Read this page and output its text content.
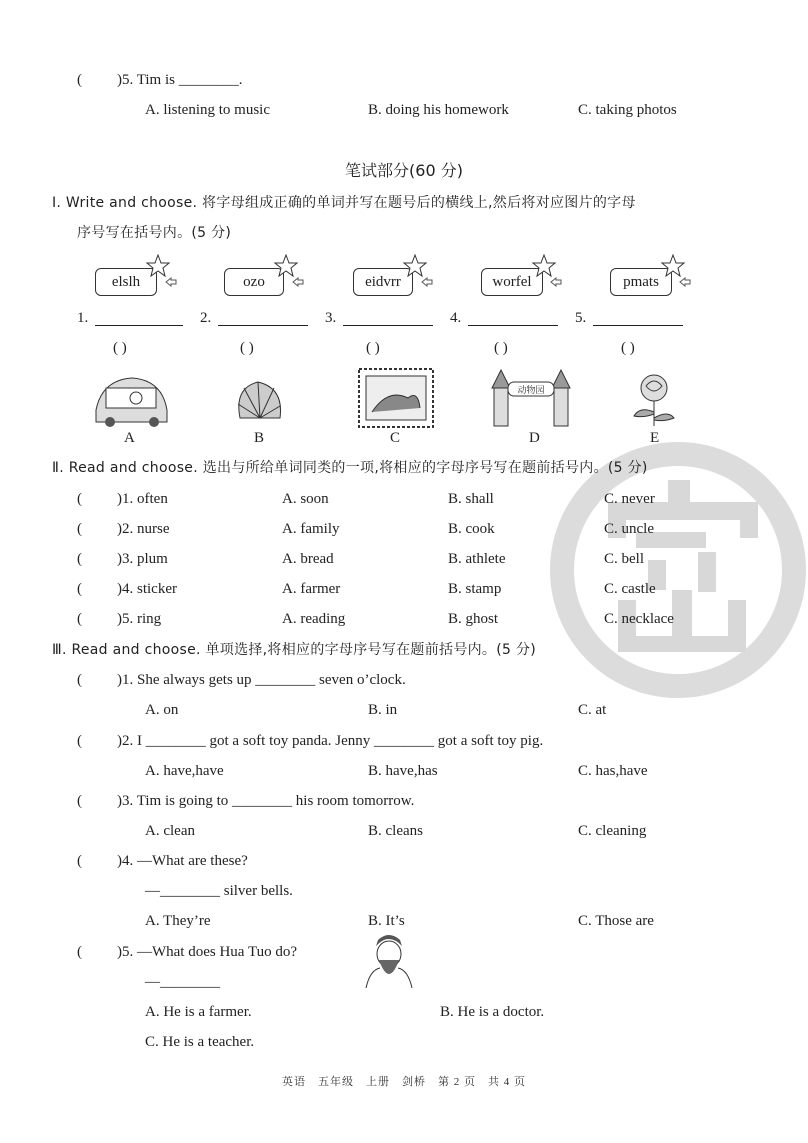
( )5. Tim is ________.
A. listening to music	B. doing his homework	C. taking photos
笔试部分(60 分)
Ⅰ. Write and choose. 将字母组成正确的单词并写在题号后的横线上,然后将对应图片的字母
序号写在括号内。(5 分)
elslh	ozo	eidvrr	worfel	pmats
1.	2.	3.	4.	5.
( )	( )	( )	( )	( )
动物园
A	B	C	D	E
Ⅱ. Read and choose. 选出与所给单词同类的一项,将相应的字母序号写在题前括号内。(5 分)
( )1. often	A. soon	B. shall	C. never
( )2. nurse	A. family	B. cook	C. uncle
( )3. plum	A. bread	B. athlete	C. bell
( )4. sticker	A. farmer	B. stamp	C. castle
( )5. ring	A. reading	B. ghost	C. necklace
Ⅲ. Read and choose. 单项选择,将相应的字母序号写在题前括号内。(5 分)
( )1. She always gets up ________ seven o’clock.
A. on	B. in	C. at
( )2. I ________ got a soft toy panda. Jenny ________ got a soft toy pig.
A. have,have	B. have,has	C. has,have
( )3. Tim is going to ________ his room tomorrow.
A. clean	B. cleans	C. cleaning
( )4. —What are these?
—________ silver bells.
A. They’re	B. It’s	C. Those are
( )5. —What does Hua Tuo do?
—________
A. He is a farmer.	B. He is a doctor.
C. He is a teacher.
英语　五年级　上册　剑桥　第 2 页　共 4 页
